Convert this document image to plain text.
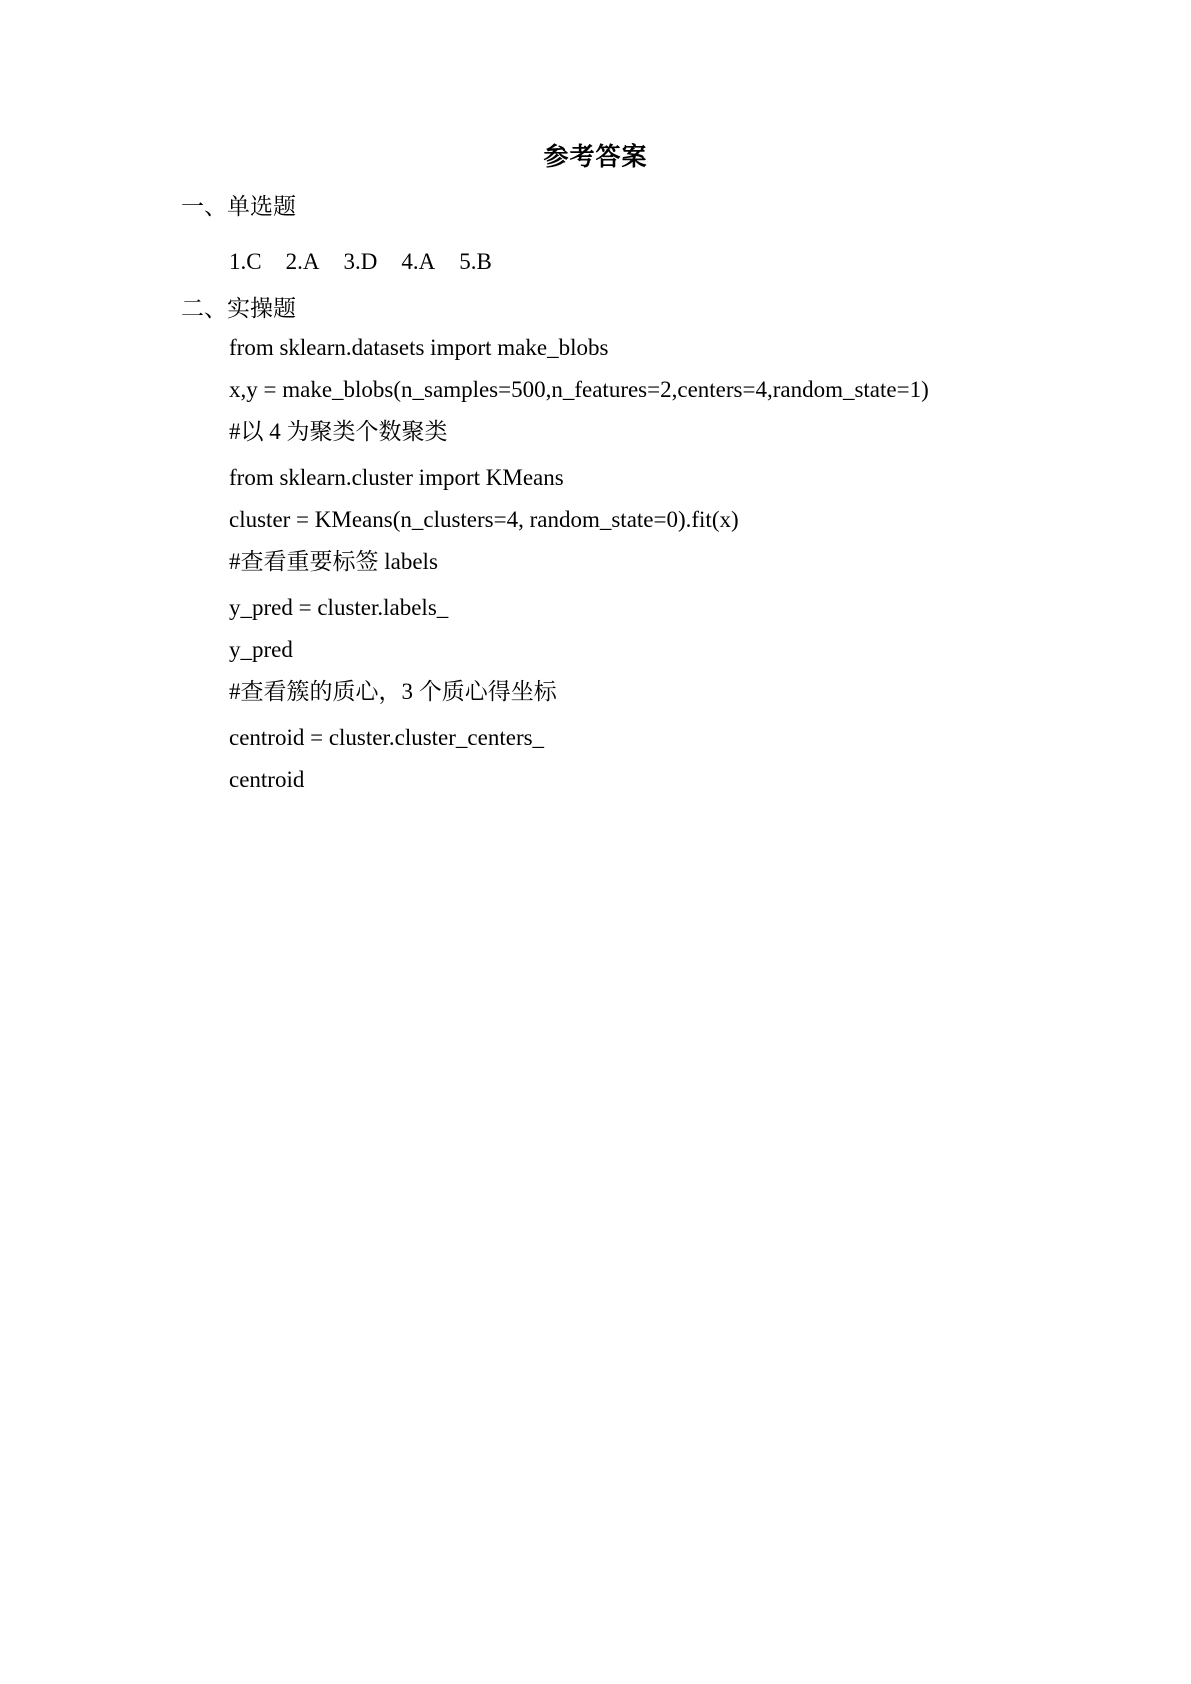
参考答案
一、单选题
1.C 2.A 3.D 4.A 5.B
二、实操题
from sklearn.datasets import make_blobs
x,y = make_blobs(n_samples=500,n_features=2,centers=4,random_state=1)
#以 4 为聚类个数聚类
from sklearn.cluster import KMeans
cluster = KMeans(n_clusters=4, random_state=0).fit(x)
#查看重要标签 labels
y_pred = cluster.labels_
y_pred
#查看簇的质心，3 个质心得坐标
centroid = cluster.cluster_centers_
centroid
